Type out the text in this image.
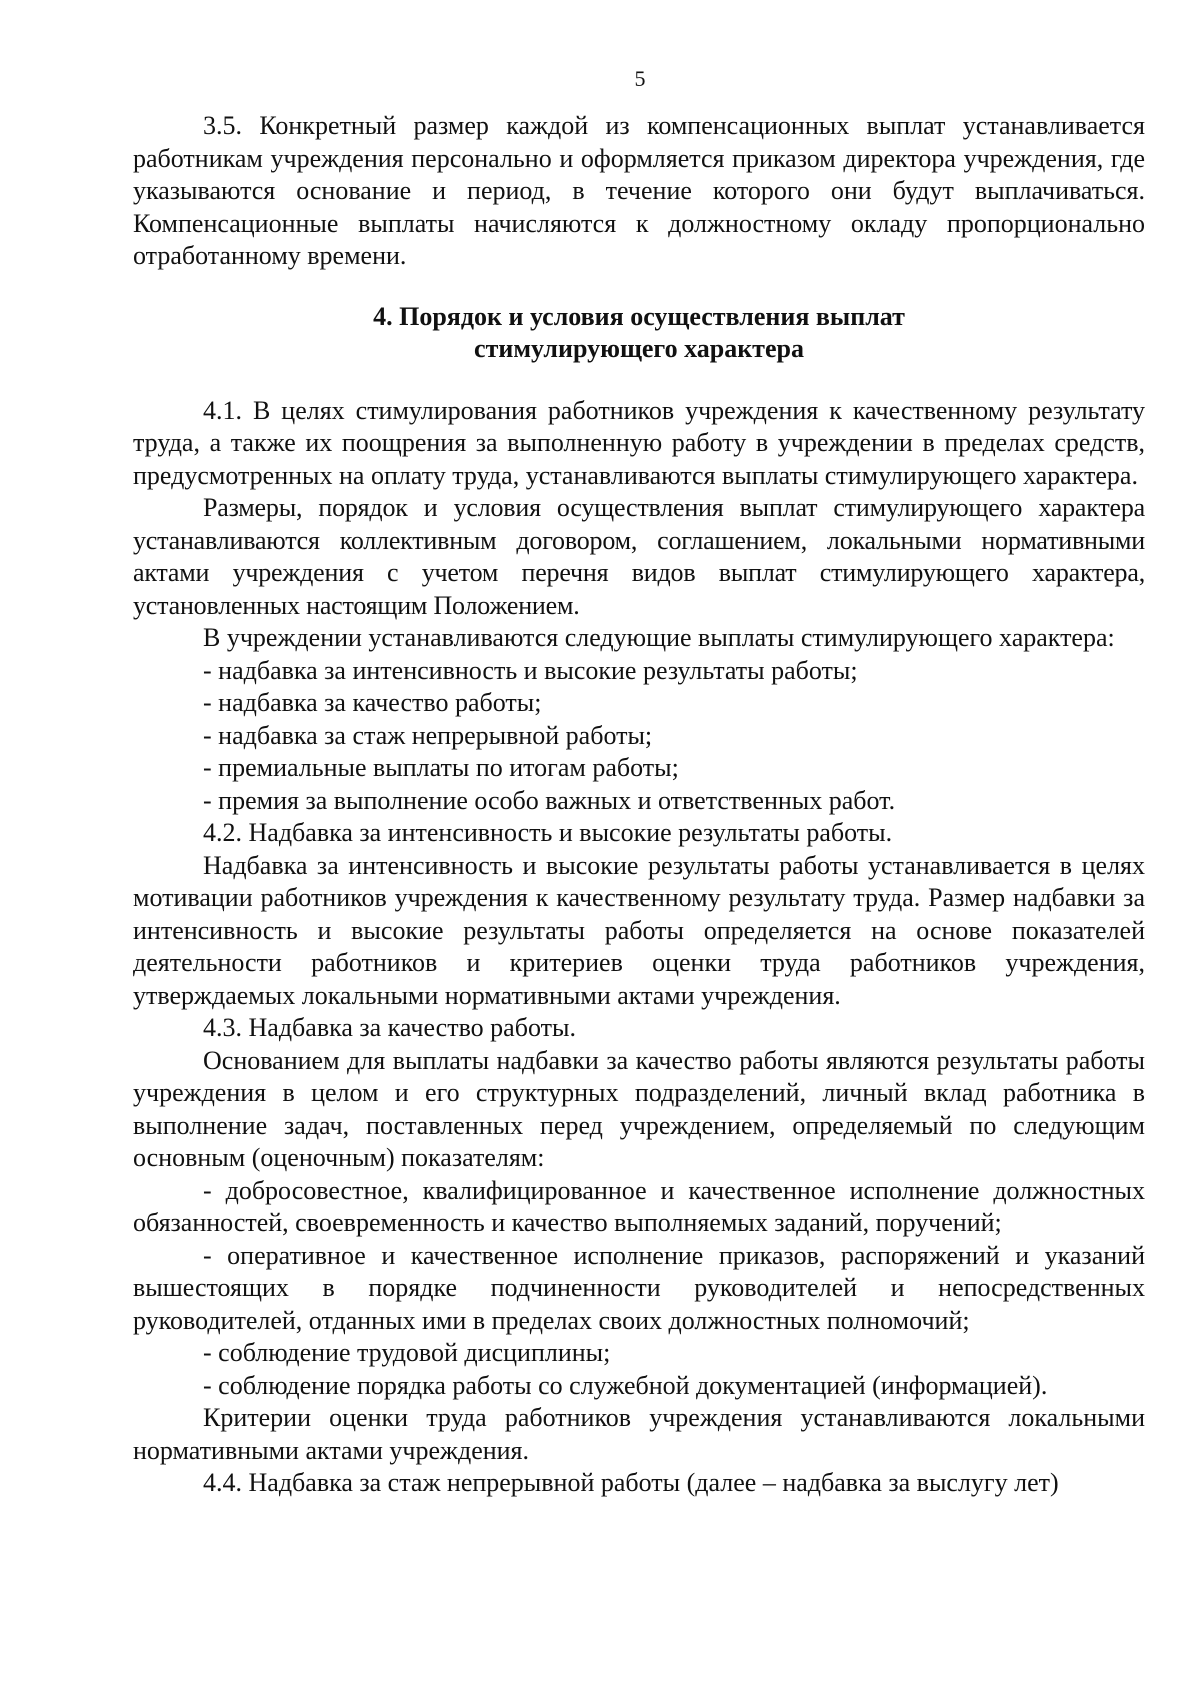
5

3.5. Конкретный размер каждой из компенсационных выплат устанавливается работникам учреждения персонально и оформляется приказом директора учреждения, где указываются основание и период, в течение которого они будут выплачиваться. Компенсационные выплаты начисляются к должностному окладу пропорционально отработанному времени.

4. Порядок и условия осуществления выплат
стимулирующего характера

4.1. В целях стимулирования работников учреждения к качественному результату труда, а также их поощрения за выполненную работу в учреждении в пределах средств, предусмотренных на оплату труда, устанавливаются выплаты стимулирующего характера.

Размеры, порядок и условия осуществления выплат стимулирующего характера устанавливаются коллективным договором, соглашением, локальными нормативными актами учреждения с учетом перечня видов выплат стимулирующего характера, установленных настоящим Положением.

В учреждении устанавливаются следующие выплаты стимулирующего характера:

- надбавка за интенсивность и высокие результаты работы;

- надбавка за качество работы;

- надбавка за стаж непрерывной работы;

- премиальные выплаты по итогам работы;

- премия за выполнение особо важных и ответственных работ.

4.2. Надбавка за интенсивность и высокие результаты работы.

Надбавка за интенсивность и высокие результаты работы устанавливается в целях мотивации работников учреждения к качественному результату труда. Размер надбавки за интенсивность и высокие результаты работы определяется на основе показателей деятельности работников и критериев оценки труда работников учреждения, утверждаемых локальными нормативными актами учреждения.

4.3. Надбавка за качество работы.

Основанием для выплаты надбавки за качество работы являются результаты работы учреждения в целом и его структурных подразделений, личный вклад работника в выполнение задач, поставленных перед учреждением, определяемый по следующим основным (оценочным) показателям:

- добросовестное, квалифицированное и качественное исполнение должностных обязанностей, своевременность и качество выполняемых заданий, поручений;

- оперативное и качественное исполнение приказов, распоряжений и указаний вышестоящих в порядке подчиненности руководителей и непосредственных руководителей, отданных ими в пределах своих должностных полномочий;

- соблюдение трудовой дисциплины;

- соблюдение порядка работы со служебной документацией (информацией).

Критерии оценки труда работников учреждения устанавливаются локальными нормативными актами учреждения.

4.4. Надбавка за стаж непрерывной работы (далее – надбавка за выслугу лет)
